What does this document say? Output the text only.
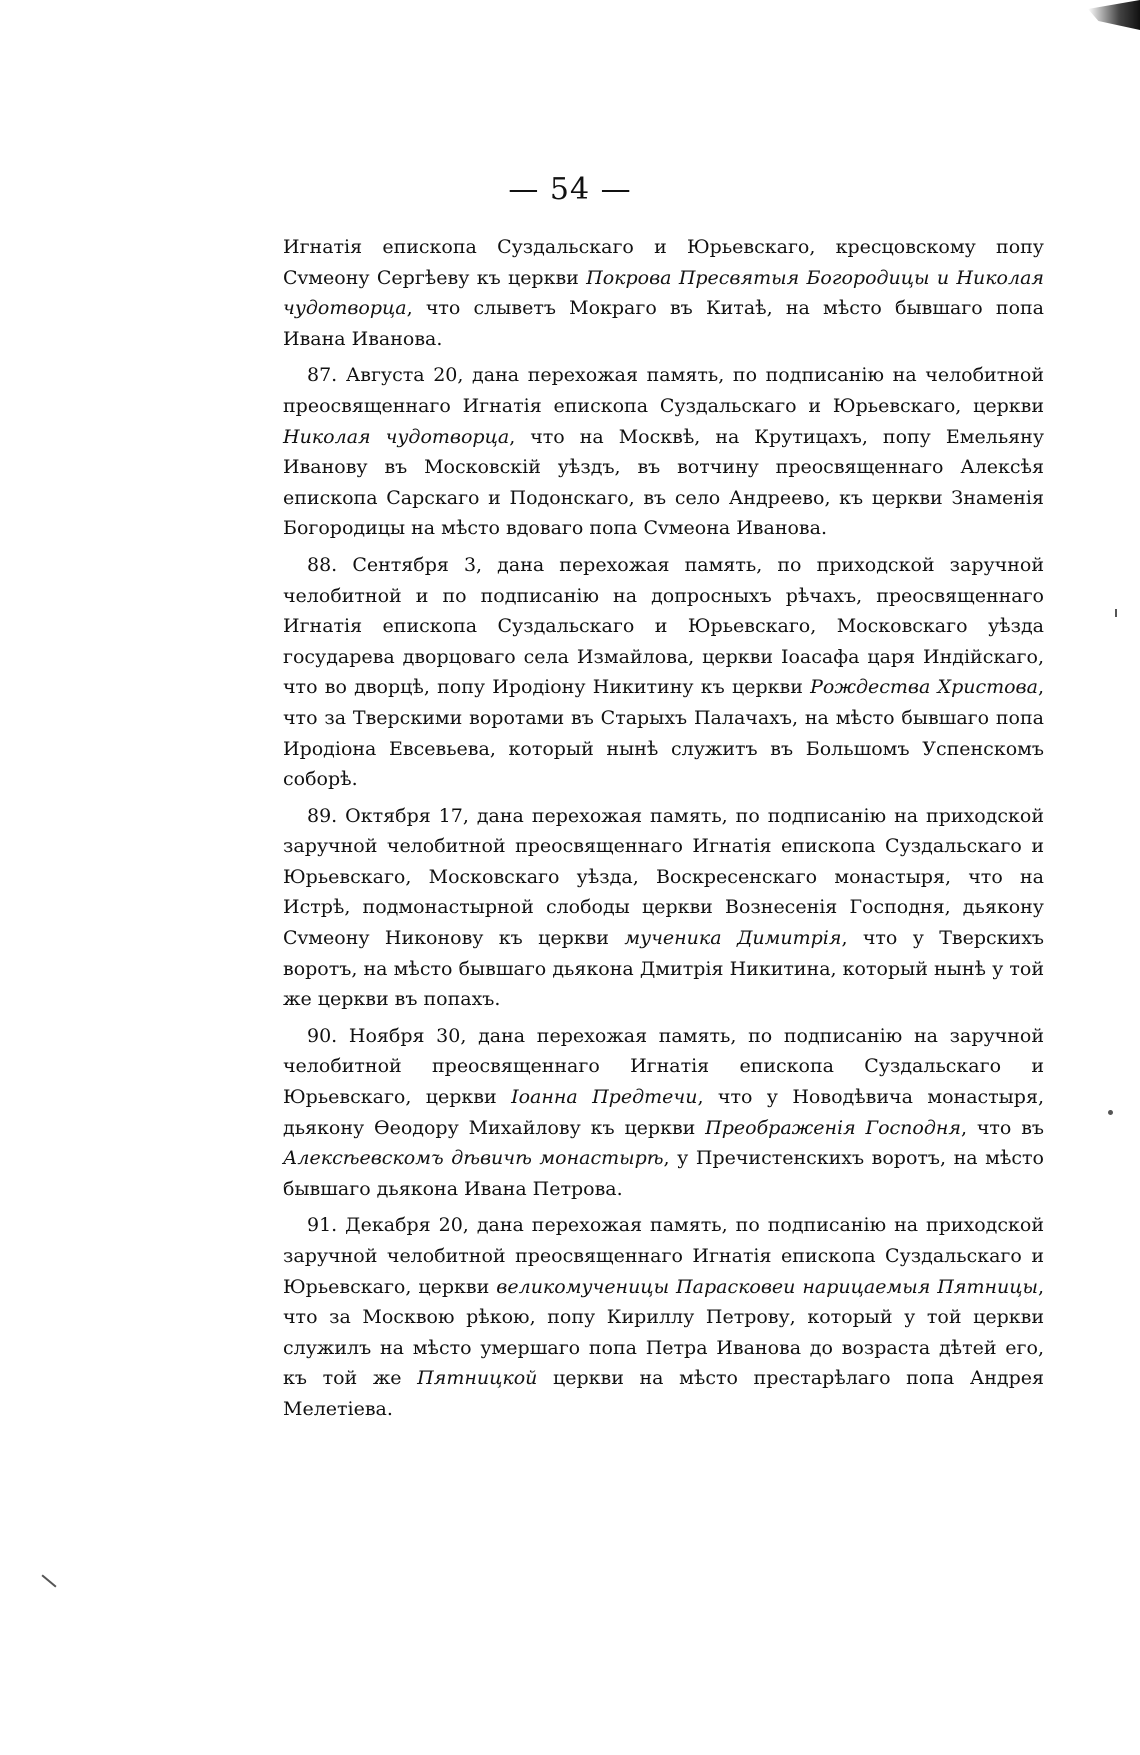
— 54 —

Игнатія епископа Суздальскаго и Юрьевскаго, кресцовскому попу Сvмеону Сергѣеву къ церкви Покрова Пресвятыя Богородицы и Николая чудотворца, что слыветъ Мокраго въ Китаѣ, на мѣсто бывшаго попа Ивана Иванова.

87. Августа 20, дана перехожая память, по подписанію на челобитной преосвященнаго Игнатія епископа Суздальскаго и Юрьевскаго, церкви Николая чудотворца, что на Москвѣ, на Крутицахъ, попу Емельяну Иванову въ Московскій уѣздъ, въ вотчину преосвященнаго Алексѣя епископа Сарскаго и Подонскаго, въ село Андреево, къ церкви Знаменія Богородицы на мѣсто вдоваго попа Сvмеона Иванова.

88. Сентября 3, дана перехожая память, по приходской заручной челобитной и по подписанію на допросныхъ рѣчахъ, преосвященнаго Игнатія епископа Суздальскаго и Юрьевскаго, Московскаго уѣзда государева дворцоваго села Измайлова, церкви Іоасафа царя Индійскаго, что во дворцѣ, попу Иродіону Никитину къ церкви Рождества Христова, что за Тверскими воротами въ Старыхъ Палачахъ, на мѣсто бывшаго попа Иродіона Евсевьева, который нынѣ служитъ въ Большомъ Успенскомъ соборѣ.

89. Октября 17, дана перехожая память, по подписанію на приходской заручной челобитной преосвященнаго Игнатія епископа Суздальскаго и Юрьевскаго, Московскаго уѣзда, Воскресенскаго монастыря, что на Истрѣ, подмонастырной слободы церкви Вознесенія Господня, дьякону Сvмеону Никонову къ церкви мученика Димитрія, что у Тверскихъ воротъ, на мѣсто бывшаго дьякона Дмитрія Никитина, который нынѣ у той же церкви въ попахъ.

90. Ноября 30, дана перехожая память, по подписанію на заручной челобитной преосвященнаго Игнатія епископа Суздальскаго и Юрьевскаго, церкви Іоанна Предтечи, что у Новодѣвича монастыря, дьякону Ѳеодору Михайлову къ церкви Преображенія Господня, что въ Алексѣевскомъ дѣвичѣ монастырѣ, у Пречистенскихъ воротъ, на мѣсто бывшаго дьякона Ивана Петрова.

91. Декабря 20, дана перехожая память, по подписанію на приходской заручной челобитной преосвященнаго Игнатія епископа Суздальскаго и Юрьевскаго, церкви великомученицы Парасковеи нарицаемыя Пятницы, что за Москвою рѣкою, попу Кириллу Петрову, который у той церкви служилъ на мѣсто умершаго попа Петра Иванова до возраста дѣтей его, къ той же Пятницкой церкви на мѣсто престарѣлаго попа Андрея Мелетіева.
